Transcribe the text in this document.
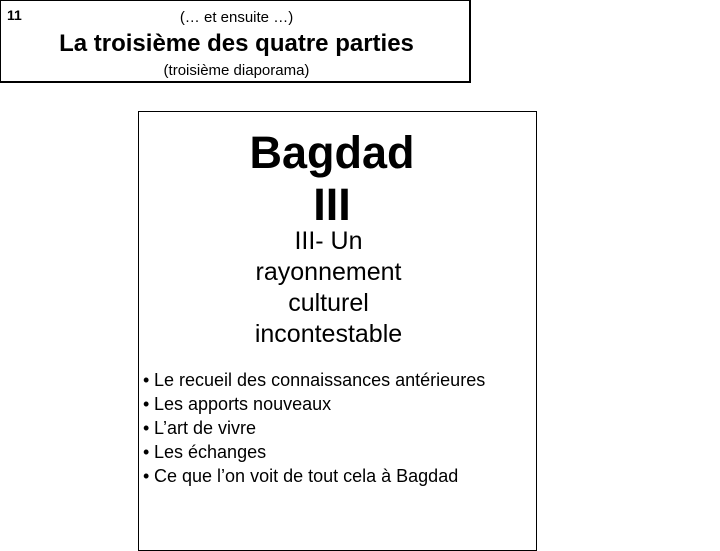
11	(… et ensuite …)
La troisième des quatre parties
(troisième diaporama)
Bagdad
III
III- Un
rayonnement
culturel
incontestable
• Le recueil des connaissances antérieures
• Les apports nouveaux
• L’art de vivre
• Les échanges
• Ce que l’on voit de tout cela à Bagdad
